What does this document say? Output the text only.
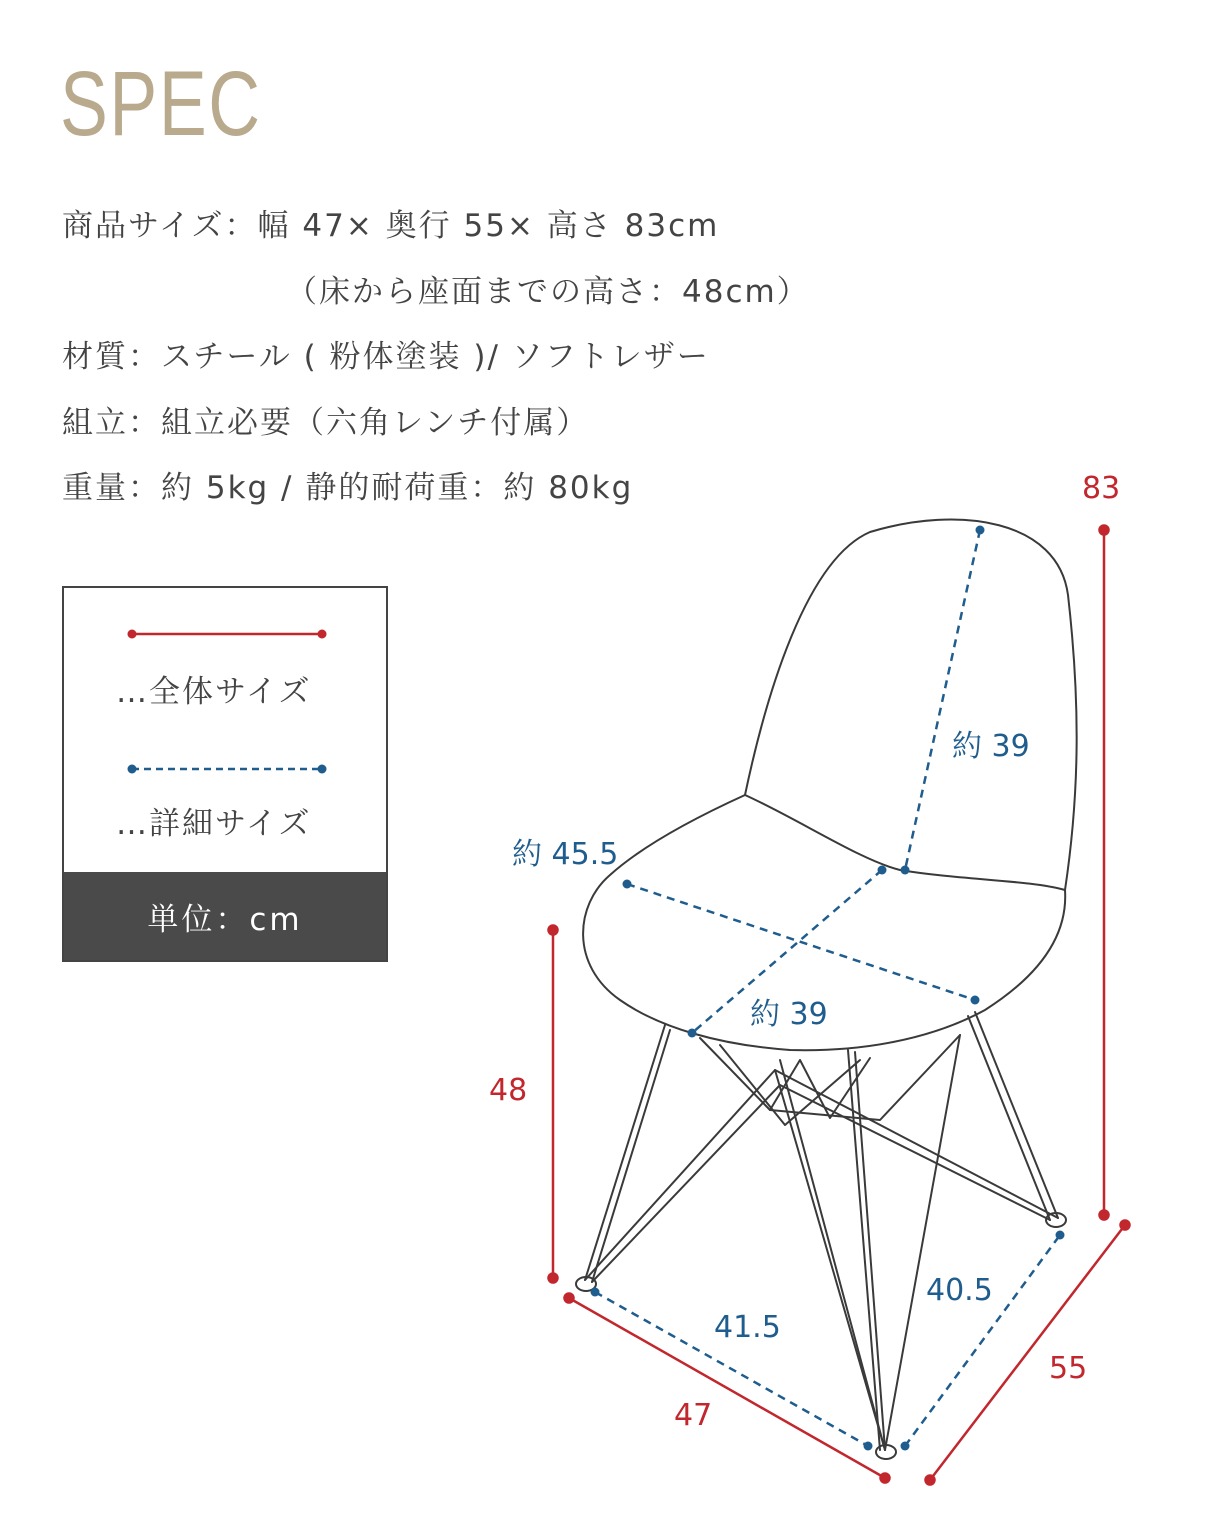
SPEC
商品サイズ：幅 47× 奥行 55× 高さ 83cm
（床から座面までの高さ：48cm）
材質：スチール ( 粉体塗装 )/ ソフトレザー
組立：組立必要（六角レンチ付属）
重量：約 5kg / 静的耐荷重：約 80kg
…全体サイズ
…詳細サイズ
単位：cm
83
48
47
55
約 39
約 45.5
約 39
41.5
40.5
